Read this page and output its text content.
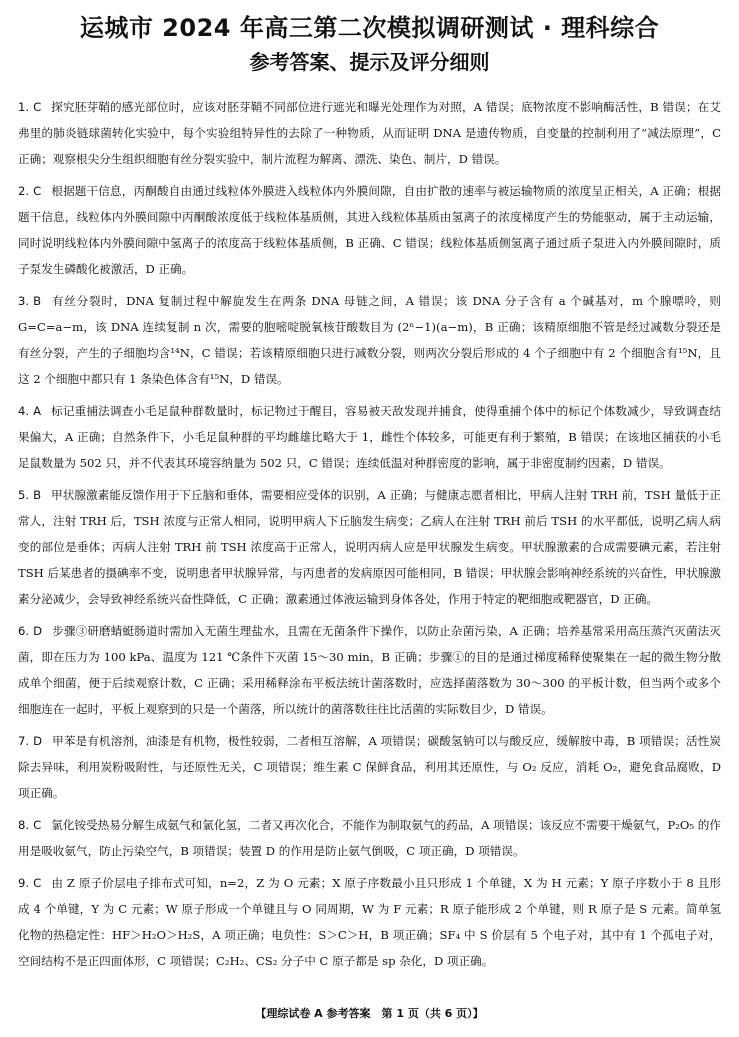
运城市 2024 年高三第二次模拟调研测试 · 理科综合
参考答案、提示及评分细则

1. C 探究胚芽鞘的感光部位时，应该对胚芽鞘不同部位进行遮光和曝光处理作为对照，A 错误；底物浓度不影响酶活性，B 错误；在艾弗里的肺炎链球菌转化实验中，每个实验组特异性的去除了一种物质，从而证明 DNA 是遗传物质，自变量的控制利用了“减法原理”，C 正确；观察根尖分生组织细胞有丝分裂实验中，制片流程为解离、漂洗、染色、制片，D 错误。

2. C 根据题干信息，丙酮酸自由通过线粒体外膜进入线粒体内外膜间隙，自由扩散的速率与被运输物质的浓度呈正相关，A 正确；根据题干信息，线粒体内外膜间隙中丙酮酸浓度低于线粒体基质侧，其进入线粒体基质由氢离子的浓度梯度产生的势能驱动，属于主动运输，同时说明线粒体内外膜间隙中氢离子的浓度高于线粒体基质侧，B 正确、C 错误；线粒体基质侧氢离子通过质子泵进入内外膜间隙时，质子泵发生磷酸化被激活，D 正确。

3. B 有丝分裂时，DNA 复制过程中解旋发生在两条 DNA 母链之间，A 错误；该 DNA 分子含有 a 个碱基对，m 个腺嘌呤，则 G=C=a−m，该 DNA 连续复制 n 次，需要的胞嘧啶脱氧核苷酸数目为 (2ⁿ−1)(a−m)，B 正确；该精原细胞不管是经过减数分裂还是有丝分裂，产生的子细胞均含¹⁴N，C 错误；若该精原细胞只进行减数分裂，则两次分裂后形成的 4 个子细胞中有 2 个细胞含有¹⁵N，且这 2 个细胞中都只有 1 条染色体含有¹⁵N，D 错误。

4. A 标记重捕法调查小毛足鼠种群数量时，标记物过于醒目，容易被天敌发现并捕食，使得重捕个体中的标记个体数减少，导致调查结果偏大，A 正确；自然条件下，小毛足鼠种群的平均雌雄比略大于 1，雌性个体较多，可能更有利于繁殖，B 错误；在该地区捕获的小毛足鼠数量为 502 只，并不代表其环境容纳量为 502 只，C 错误；连续低温对种群密度的影响，属于非密度制约因素，D 错误。

5. B 甲状腺激素能反馈作用于下丘脑和垂体，需要相应受体的识别，A 正确；与健康志愿者相比，甲病人注射 TRH 前，TSH 量低于正常人，注射 TRH 后，TSH 浓度与正常人相同，说明甲病人下丘脑发生病变；乙病人在注射 TRH 前后 TSH 的水平都低，说明乙病人病变的部位是垂体；丙病人注射 TRH 前 TSH 浓度高于正常人，说明丙病人应是甲状腺发生病变。甲状腺激素的合成需要碘元素，若注射 TSH 后某患者的摄碘率不变，说明患者甲状腺异常，与丙患者的发病原因可能相同，B 错误；甲状腺会影响神经系统的兴奋性，甲状腺激素分泌减少，会导致神经系统兴奋性降低，C 正确；激素通过体液运输到身体各处，作用于特定的靶细胞或靶器官，D 正确。

6. D 步骤③研磨蜻蜓肠道时需加入无菌生理盐水，且需在无菌条件下操作，以防止杂菌污染，A 正确；培养基常采用高压蒸汽灭菌法灭菌，即在压力为 100 kPa、温度为 121 ℃条件下灭菌 15～30 min，B 正确；步骤①的目的是通过梯度稀释使聚集在一起的微生物分散成单个细菌，便于后续观察计数，C 正确；采用稀释涂布平板法统计菌落数时，应选择菌落数为 30～300 的平板计数，但当两个或多个细胞连在一起时，平板上观察到的只是一个菌落，所以统计的菌落数往往比活菌的实际数目少，D 错误。

7. D 甲苯是有机溶剂，油漆是有机物，极性较弱，二者相互溶解，A 项错误；碳酸氢钠可以与酸反应，缓解胺中毒，B 项错误；活性炭除去异味，利用炭粉吸附性，与还原性无关，C 项错误；维生素 C 保鲜食品，利用其还原性，与 O₂ 反应，消耗 O₂，避免食品腐败，D 项正确。

8. C 氯化铵受热易分解生成氨气和氯化氢，二者又再次化合，不能作为制取氨气的药品，A 项错误；该反应不需要干燥氨气，P₂O₅ 的作用是吸收氨气，防止污染空气，B 项错误；装置 D 的作用是防止氨气倒吸，C 项正确，D 项错误。

9. C 由 Z 原子价层电子排布式可知，n=2，Z 为 O 元素；X 原子序数最小且只形成 1 个单键，X 为 H 元素；Y 原子序数小于 8 且形成 4 个单键，Y 为 C 元素；W 原子形成一个单键且与 O 同周期，W 为 F 元素；R 原子能形成 2 个单键，则 R 原子是 S 元素。简单氢化物的热稳定性：HF＞H₂O＞H₂S，A 项正确；电负性：S＞C＞H，B 项正确；SF₄ 中 S 价层有 5 个电子对，其中有 1 个孤电子对，空间结构不是正四面体形，C 项错误；C₂H₂、CS₂ 分子中 C 原子都是 sp 杂化，D 项正确。

【理综试卷 A 参考答案　第 1 页（共 6 页）】
